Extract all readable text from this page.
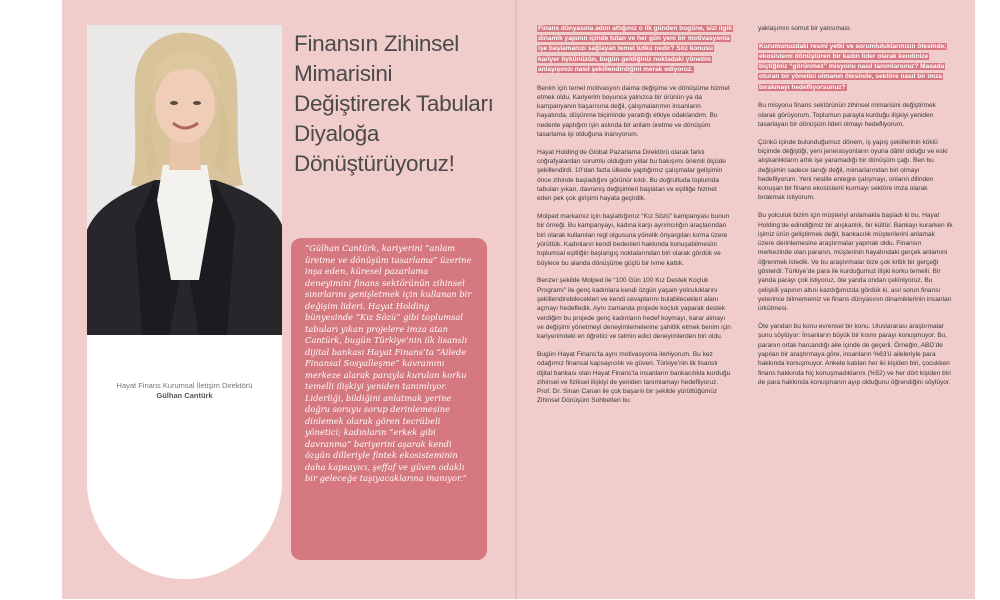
Hayat Finans Kurumsal İletişim Direktörü
Gülhan Cantürk
Finansın Zihinsel Mimarisini Değiştirerek Tabuları Diyaloğa Dönüştürüyoruz!

“Gülhan Cantürk, kariyerini “anlam üretme ve dönüşüm tasarlama” üzerine inşa eden, küresel pazarlama deneyimini finans sektörünün zihinsel sınırlarını genişletmek için kullanan bir değişim lideri. Hayat Holding bünyesinde “Kız Sözü” gibi toplumsal tabuları yıkan projelere imza atan Cantürk, bugün Türkiye’nin ilk lisanslı dijital bankası Hayat Finans’ta “Ailede Finansal Sosyalleşme” kavramını merkeze alarak parayla kurulan korku temelli ilişkiyi yeniden tanımlıyor. Liderliği, bildiğini anlatmak yerine doğru soruyu sorup derinlemesine dinlemek olarak gören tecrübeli yönetici; kadınların “erkek gibi davranma” bariyerini aşarak kendi özgün dilleriyle fintek ekosisteminin daha kapsayıcı, şeffaf ve güven odaklı bir geleceğe taşıyacaklarına inanıyor.”

Finans dünyasına adım attığınız o ilk günden bugüne, sizi ilgili dinamik yapının içinde tutan ve her gün yeni bir motivasyonla işe başlamanızı sağlayan temel tutku nedir? Söz konusu kariyer öykünüzün, bugün geldiğiniz noktadaki yönetim anlayışınızı nasıl şekillendirdiğini merak ediyoruz.

Benim için temel motivasyon daima değişime ve dönüşüme hizmet etmek oldu. Kariyerim boyunca yalnızca bir ürünün ya da kampanyanın başarısına değil, çalışmalarımın insanların hayatında, düşünme biçiminde yarattığı etkiye odaklandım. Bu nedenle yaptığım işin aslında bir anlam üretme ve dönüşüm tasarlama işi olduğuna inanıyorum.

Hayat Holding’de Global Pazarlama Direktörü olarak farklı coğrafyalardan sorumlu olduğum yıllar bu bakışımı önemli ölçüde şekillendirdi. 10’dan fazla ülkede yaptığımız çalışmalar gelişimin önce zihinde başladığını görünür kıldı. Bu doğrultuda toplumda tabuları yıkan, davranış değişimleri başlatan ve eşitliğe hizmet eden pek çok girişimi hayata geçirdik.

Molped markamız için başlattığımız “Kız Sözü” kampanyası bunun bir örneği. Bu kampanyayı, kadına karşı ayrımcılığın araçlarından biri olarak kullanılan regl olgusuna yönelik önyargıları kırma üzere yürüttük. Kadınların kendi bedenleri hakkında konuşabilmesini toplumsal eşitliğin başlangıç noktalarından biri olarak gördük ve böylece bu alanda dönüşüme güçlü bir ivme kattık.

Benzer şekilde Molped ile “100 Gün 100 Kız Destek Koçluk Programı” ile genç kadınlara kendi özgün yaşam yolculuklarını şekillendirebilecekleri ve kendi cevaplarını bulabilecekleri alanı açmayı hedefledik. Aynı zamanda projede koçluk yaparak destek verdiğim bu projede genç kadınların hedef koymayı, karar almayı ve değişimi yönetmeyi deneyimlemelerine şahitlik etmek benim için kariyerimdeki en öğretici ve tatmin edici deneyimlerden biri oldu.

Bugün Hayat Finans’ta aynı motivasyonla ilerliyorum. Bu kez odağımız finansal kapsayıcılık ve güven. Türkiye’nin ilk lisanslı dijital bankası olan Hayat Finans’ta insanların bankacılıkla kurduğu zihinsel ve fiziksel ilişkiyi de yeniden tanımlamayı hedefliyoruz. Prof. Dr. Sinan Canan ile çok başarılı bir şekilde yürüttüğümüz Zihinsel Dönüşüm Sohbetleri bu

yaklaşımın somut bir yansıması.

Kurumunuzdaki resmî yetki ve sorumluluklarınızın ötesinde; ekosistemi dönüştüren bir kadın lider olarak kendinize biçtiğiniz “görünmez” misyonu nasıl tanımlarsınız? Masada oturan bir yönetici olmanın ötesinde, sektöre nasıl bir imza bırakmayı hedefliyorsunuz?

Bu misyonu finans sektörünün zihinsel mimarisini değiştirmek olarak görüyorum. Toplumun parayla kurduğu ilişkiyi yeniden tasarlayan bir dönüşüm lideri olmayı hedefliyorum.

Çünkü içinde bulunduğumuz dönem, iş yapış şekillerinin köklü biçimde değiştiği, yeni jenerasyonların oyuna dâhil olduğu ve eski alışkanlıkların artık işe yaramadığı bir dönüşüm çağı. Ben bu değişimin sadece tanığı değil, mimarlarından biri olmayı hedefliyorum. Yeni nesille entegre çalışmayı, onların dilinden konuşan bir finans ekosistemi kurmayı sektöre imza olarak bırakmak istiyorum.

Bu yolculuk bizim için müşteriyi anlamakla başladı ki bu, Hayat Holding’de edindiğimiz bir alışkanlık, bir kültür. Bankayı kurarken ilk işimiz ürün geliştirmek değil, bankacılık müşterilerini anlamak üzere derinlemesine araştırmalar yapmak oldu. Finansın merkezinde olan paranın, müşterinin hayatındaki gerçek anlamını öğrenmek istedik. Ve bu araştırmalar bize çok kritik bir gerçeği gösterdi: Türkiye’de para ile kurduğumuz ilişki korku temelli. Bir yanda parayı çok istiyoruz, öte yanda ondan çekiniyoruz. Bu çelişkili yapının altını kazdığımızda gördük ki, asıl sorun finansı yeterince bilmememiz ve finans dünyasının dinamiklerinin insanları ürkütmesi.

Öte yandan bu konu evrensel bir konu. Uluslararası araştırmalar şunu söylüyor: İnsanların büyük bir kısmı parayı konuşmuyor. Bu, paranın ortak harcandığı aile içinde de geçerli. Örneğin, ABD’de yapılan bir araştırmaya göre, insanların %63’ü aileleriyle para hakkında konuşmuyor. Ankete katılan her iki kişiden biri, çocukken finans hakkında hiç konuşmadıklarını (%52) ve her dört kişiden biri de para hakkında konuşmanın ayıp olduğunu öğrendiğini söylüyor.
